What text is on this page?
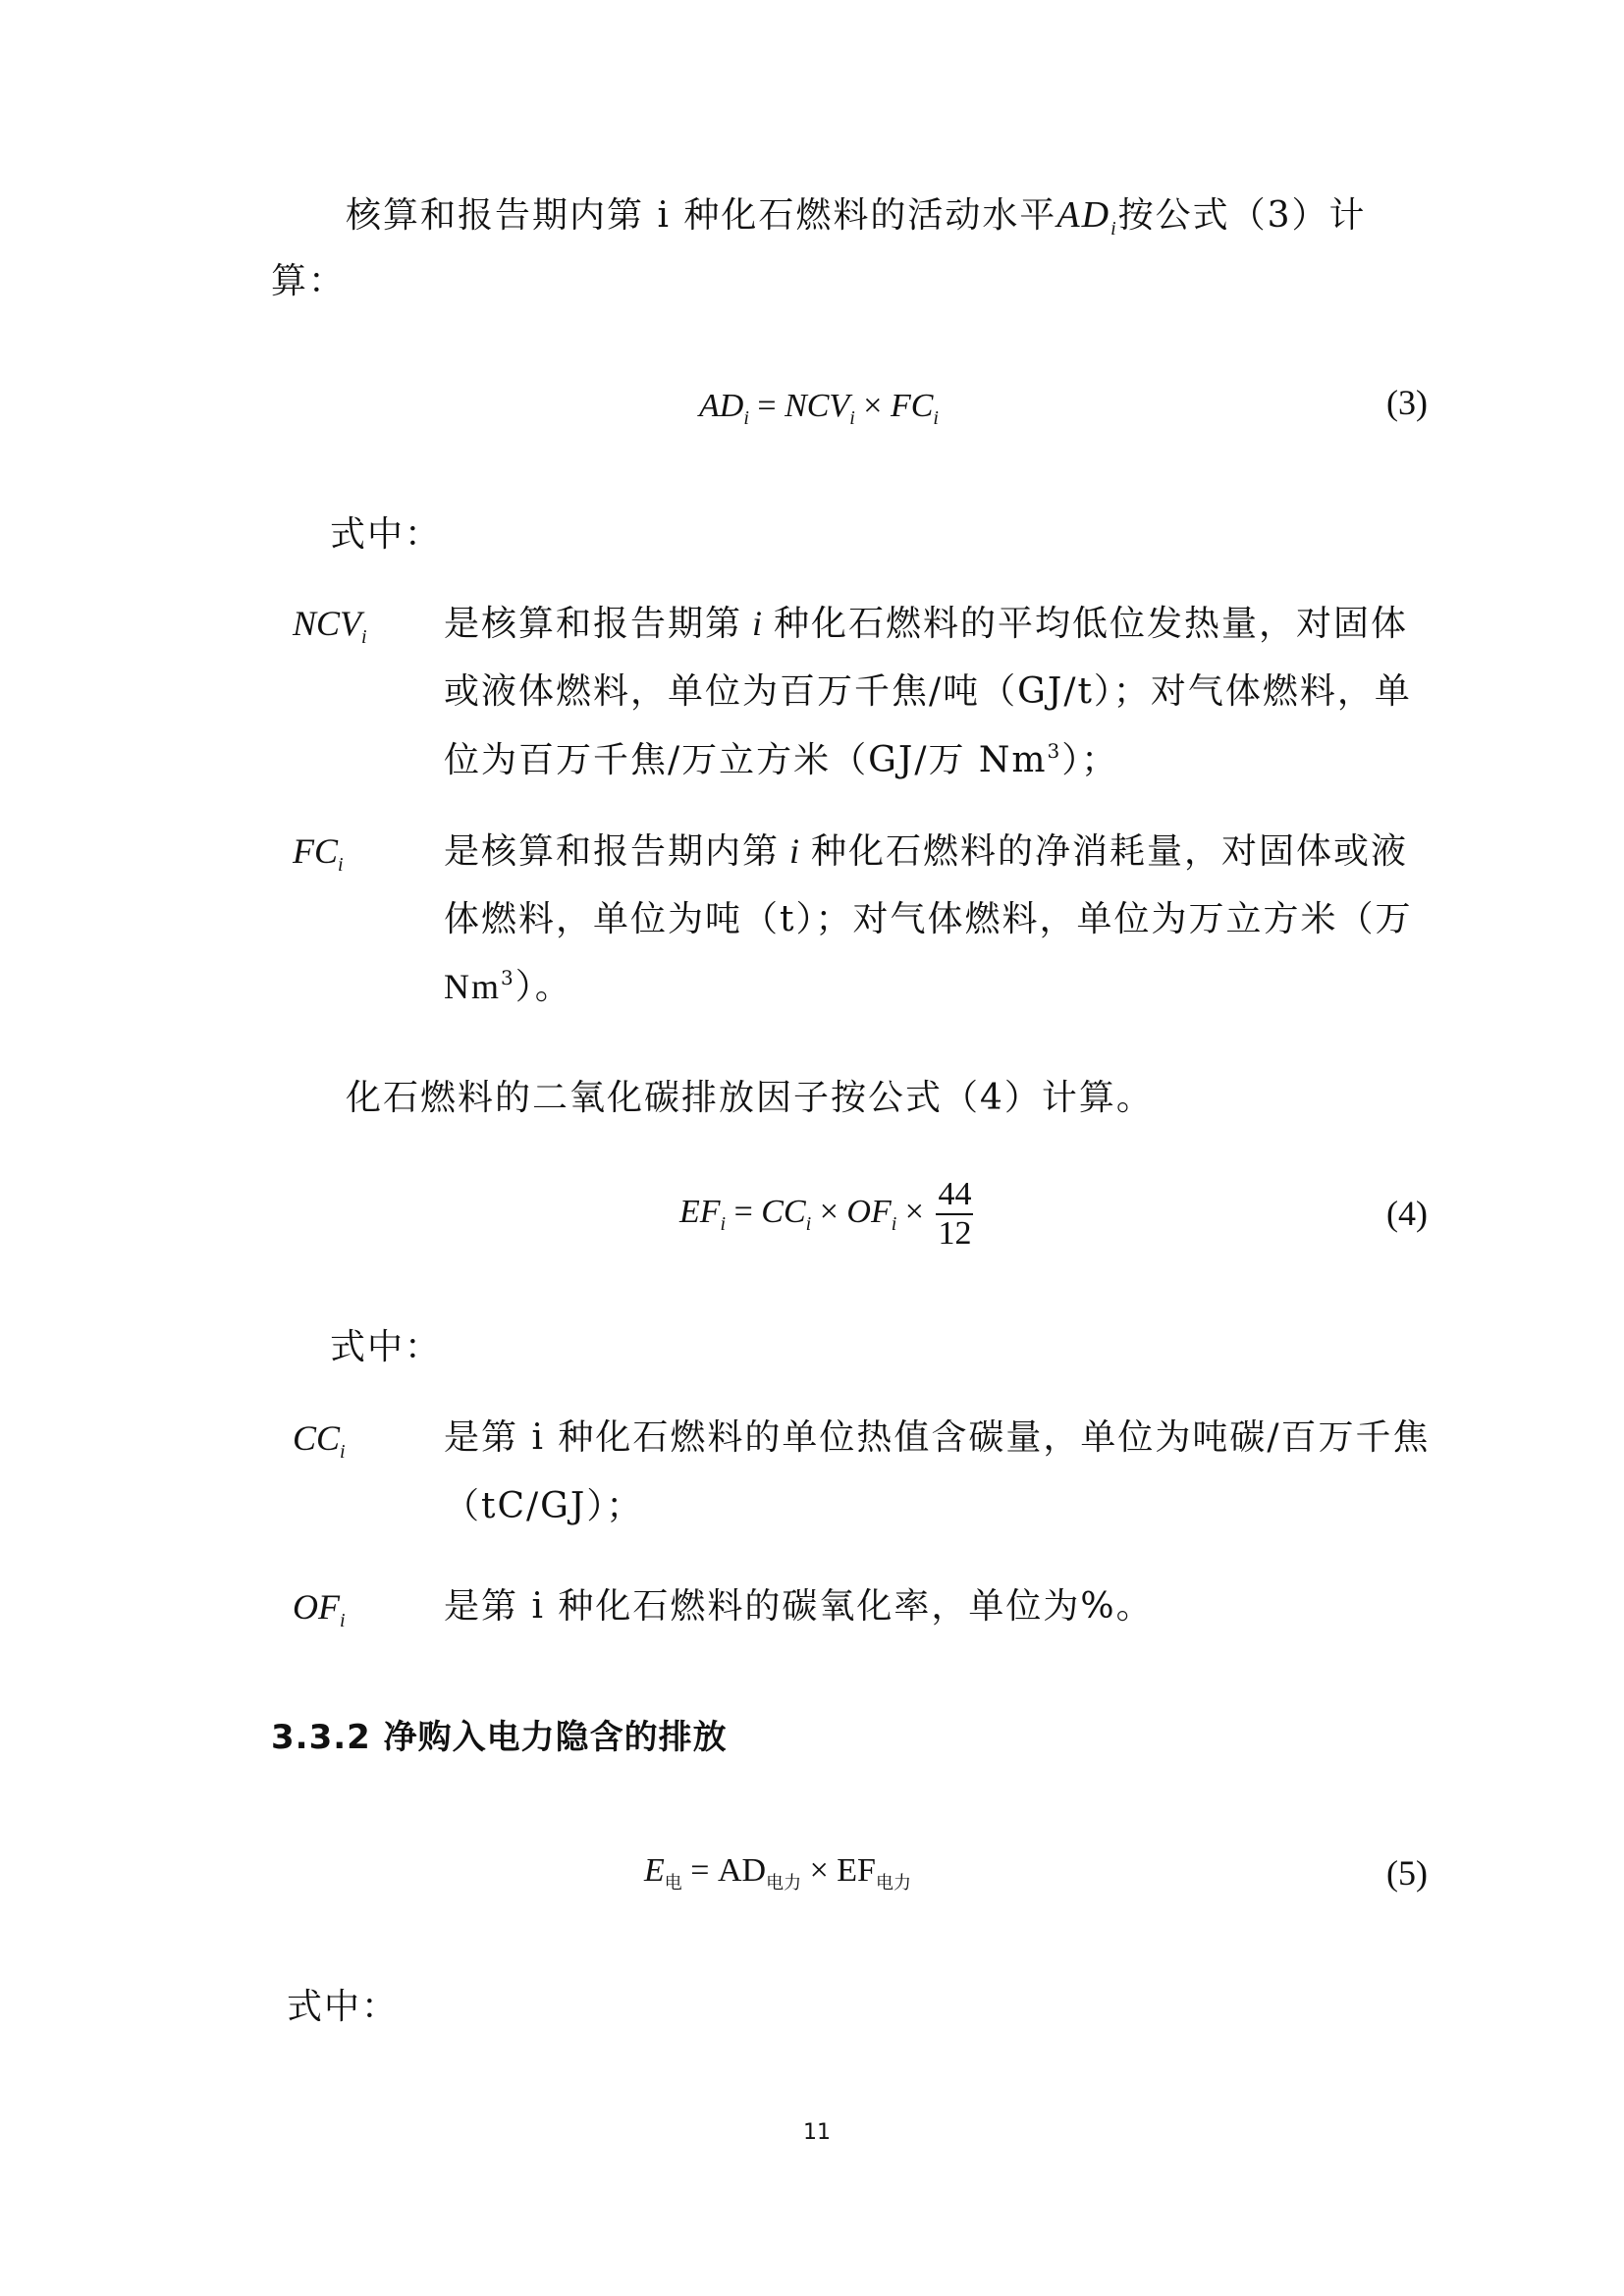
核算和报告期内第 i 种化石燃料的活动水平$AD_i$按公式（3）计
算：
$AD_i = NCV_i \times FC_i$	(3)
式中：
$NCV_i$ 是核算和报告期第 i 种化石燃料的平均低位发热量，对固体
或液体燃料，单位为百万千焦/吨（GJ/t）；对气体燃料，单
位为百万千焦/万立方米（GJ/万 Nm$^3$）；
$FC_i$	是核算和报告期内第 i 种化石燃料的净消耗量，对固体或液
体燃料，单位为吨（t）；对气体燃料，单位为万立方米（万
Nm$^3$）。
化石燃料的二氧化碳排放因子按公式（4）计算。
$EF_i = CC_i \times OF_i \times \frac{44}{12}$	(4)
式中：
$CC_i$	是第 i 种化石燃料的单位热值含碳量，单位为吨碳/百万千焦
（tC/GJ）；
$OF_i$	是第 i 种化石燃料的碳氧化率，单位为%。
3.3.2 净购入电力隐含的排放
$E_电 = AD_{电力} \times EF_{电力}$	(5)
式中：
11
